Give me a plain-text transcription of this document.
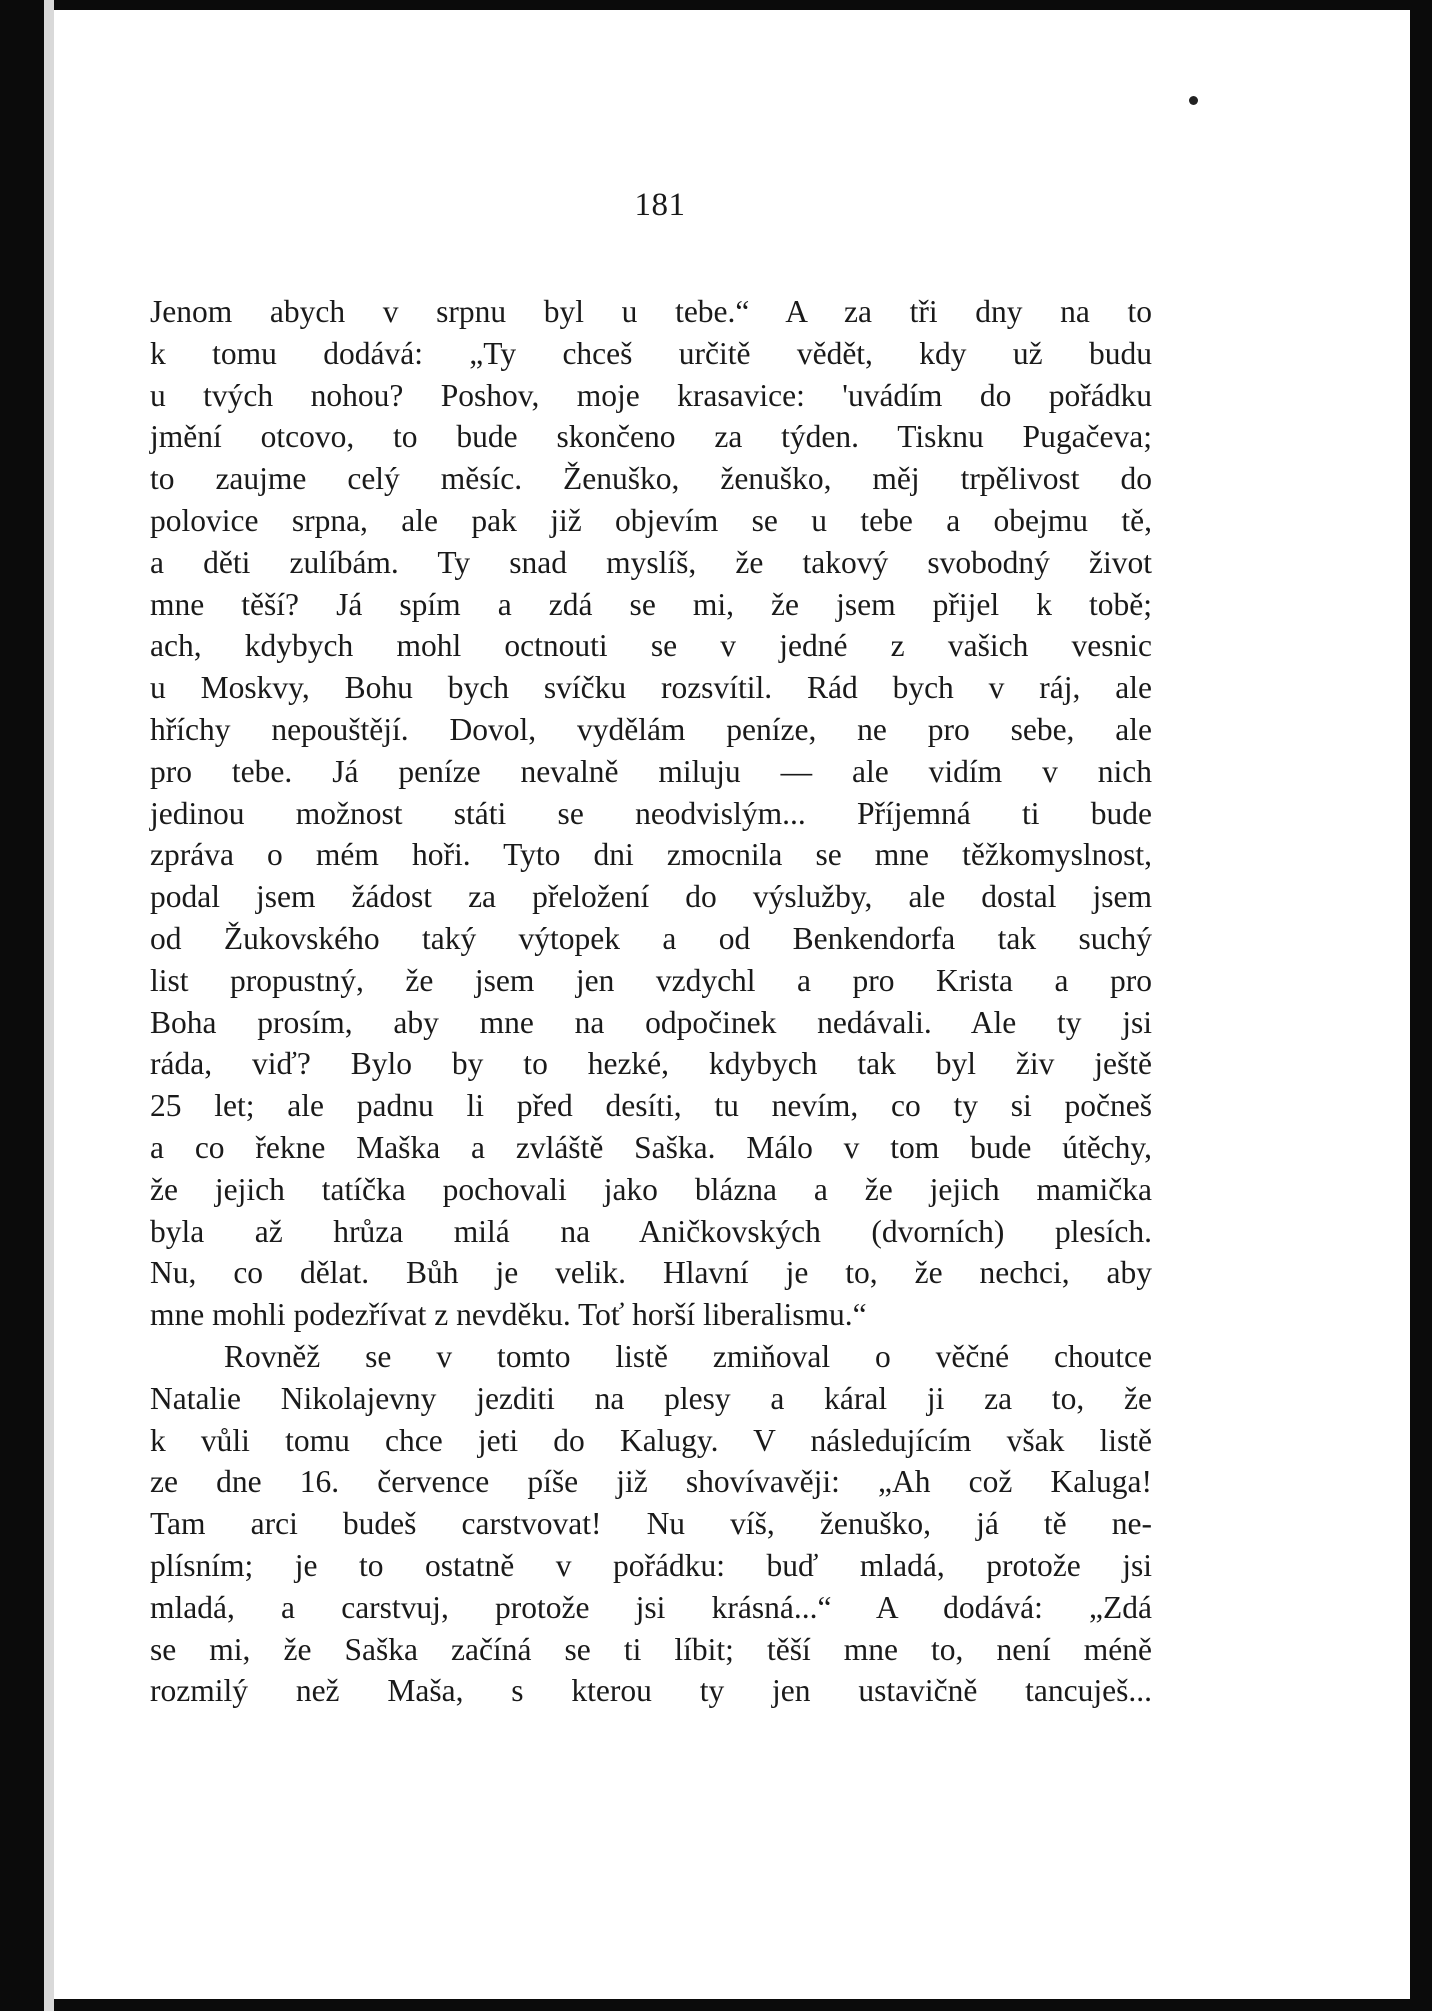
181
Jenom abych v srpnu byl u tebe.“ A za tři dny na to
k tomu dodává: „Ty chceš určitě vědět, kdy už budu
u tvých nohou? Poshov, moje krasavice: 'uvádím do pořádku
jmění otcovo, to bude skončeno za týden. Tisknu Pugačeva;
to zaujme celý měsíc. Ženuško, ženuško, měj trpělivost do
polovice srpna, ale pak již objevím se u tebe a obejmu tě,
a děti zulíbám. Ty snad myslíš, že takový svobodný život
mne těší? Já spím a zdá se mi, že jsem přijel k tobě;
ach, kdybych mohl octnouti se v jedné z vašich vesnic
u Moskvy, Bohu bych svíčku rozsvítil. Rád bych v ráj, ale
hříchy nepouštějí. Dovol, vydělám peníze, ne pro sebe, ale
pro tebe. Já peníze nevalně miluju — ale vidím v nich
jedinou možnost státi se neodvislým... Příjemná ti bude
zpráva o mém hoři. Tyto dni zmocnila se mne těžkomyslnost,
podal jsem žádost za přeložení do výslužby, ale dostal jsem
od Žukovského taký výtopek a od Benkendorfa tak suchý
list propustný, že jsem jen vzdychl a pro Krista a pro
Boha prosím, aby mne na odpočinek nedávali. Ale ty jsi
ráda, viď? Bylo by to hezké, kdybych tak byl živ ještě
25 let; ale padnu li před desíti, tu nevím, co ty si počneš
a co řekne Maška a zvláště Saška. Málo v tom bude útěchy,
že jejich tatíčka pochovali jako blázna a že jejich mamička
byla až hrůza milá na Aničkovských (dvorních) plesích.
Nu, co dělat. Bůh je velik. Hlavní je to, že nechci, aby
mne mohli podezřívat z nevděku. Toť horší liberalismu.“
Rovněž se v tomto listě zmiňoval o věčné choutce
Natalie Nikolajevny jezditi na plesy a káral ji za to, že
k vůli tomu chce jeti do Kalugy. V následujícím však listě
ze dne 16. července píše již shovívavěji: „Ah což Kaluga!
Tam arci budeš carstvovat! Nu víš, ženuško, já tě ne-
plísním; je to ostatně v pořádku: buď mladá, protože jsi
mladá, a carstvuj, protože jsi krásná...“ A dodává: „Zdá
se mi, že Saška začíná se ti líbit; těší mne to, není méně
rozmilý než Maša, s kterou ty jen ustavičně tancuješ...
